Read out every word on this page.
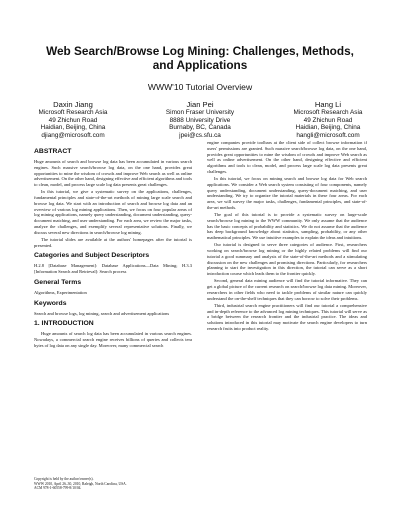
Web Search/Browse Log Mining: Challenges, Methods,
and Applications
WWW'10 Tutorial Overview
Daxin Jiang
Microsoft Research Asia
49 Zhichun Road
Haidian, Beijing, China
djiang@microsoft.com
Jian Pei
Simon Fraser University
8888 University Drive
Burnaby, BC, Canada
jpei@cs.sfu.ca
Hang Li
Microsoft Research Asia
49 Zhichun Road
Haidian, Beijing, China
hangli@microsoft.com
ABSTRACT

Huge amounts of search and browse log data has been accumulated in various search engines. Such massive search/browse log data, on the one hand, provides great opportunities to mine the wisdom of crowds and improve Web search as well as online advertisement. On the other hand, designing effective and efficient algorithms and tools to clean, model, and process large scale log data presents great challenges.

In this tutorial, we give a systematic survey on the applications, challenges, fundamental principles and state-of-the-art methods of mining large scale search and browse log data. We start with an introduction of search and browse log data and an overview of various log mining applications. Then, we focus on four popular areas of log mining applications, namely query understanding, document understanding, query-document matching, and user understanding. For each area, we review the major tasks, analyze the challenges, and exemplify several representative solutions. Finally, we discuss several new directions in search/browse log mining.

The tutorial slides are available at the authors' homepages after the tutorial is presented.

Categories and Subject Descriptors

H.2.8 [Database Management]: Database Applications—Data Mining; H.3.3 [Information Search and Retrieval]: Search process

General Terms

Algorithms, Experimentation

Keywords

Search and browse logs, log mining, search and advertisement applications

1. INTRODUCTION

Huge amounts of search log data has been accumulated in various search engines. Nowadays, a commercial search engine receives billions of queries and collects tera bytes of log data on any single day. Moreover, many commercial search

Copyright is held by the author/owner(s).
WWW 2010, April 26–30, 2010, Raleigh, North Carolina, USA.
ACM 978-1-60558-799-8/10/04.

engine companies provide toolbars at the client side of collect browse information if users' permissions are granted. Such massive search/browse log data, on the one hand, provides great opportunities to mine the wisdom of crowds and improve Web search as well as online advertisement. On the other hand, designing effective and efficient algorithms and tools to clean, model, and process large scale log data presents great challenges.

In this tutorial, we focus on mining search and browse log data for Web search applications. We consider a Web search system consisting of four components, namely query understanding, document understanding, query-document matching, and user understanding. We try to organize the tutorial materials in these four areas. For each area, we will survey the major tasks, challenges, fundamental principles, and state-of-the-art methods.

The goal of this tutorial is to provide a systematic survey on large-scale search/browse log mining to the WWW community. We only assume that the audience has the basic concepts of probability and statistics. We do not assume that the audience has deep background knowledge about statistics, sampling, probability, or any other mathematical principles. We use intuitive examples to explain the ideas and intuitions.

Our tutorial is designed to serve three categories of audience. First, researchers working on search/browse log mining or the highly related problems will find our tutorial a good summary and analysis of the state-of-the-art methods and a stimulating discussion on the new challenges and promising directions. Particularly, for researchers planning to start the investigation in this direction, the tutorial can serve as a short introduction course which leads them to the frontier quickly.

Second, general data mining audience will find the tutorial informative. They can get a global picture of the current research on search/browse log data mining. Moreover, researchers in other fields who need to tackle problems of similar nature can quickly understand the on-the-shelf techniques that they can borrow to solve their problems.

Third, industrial search engine practitioners will find our tutorial a comprehensive and in-depth reference to the advanced log mining techniques. This tutorial will serve as a bridge between the research frontier and the industrial practice. The ideas and solutions introduced in this tutorial may motivate the search engine developers to turn research fruits into product reality.
